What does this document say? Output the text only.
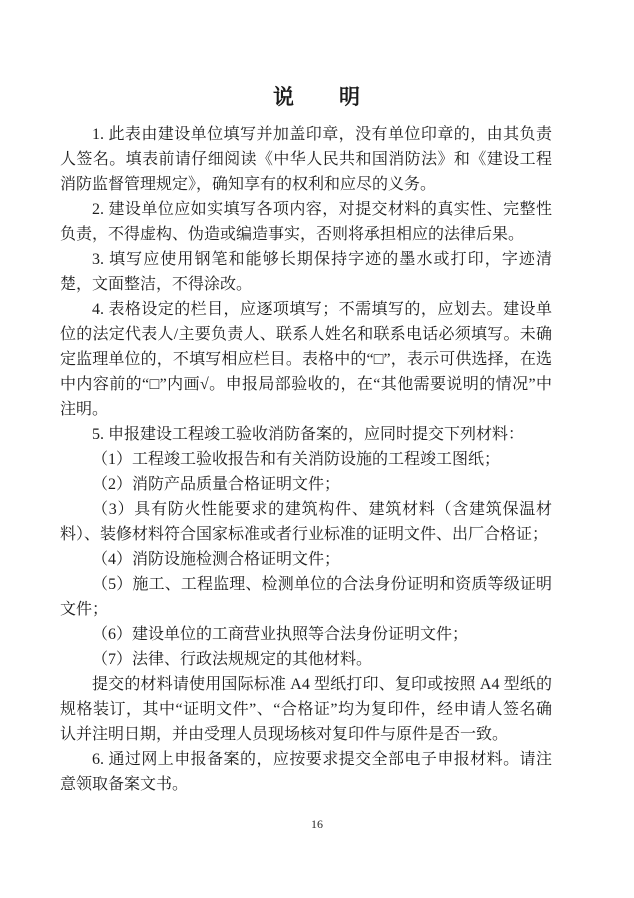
说　　明

1. 此表由建设单位填写并加盖印章，没有单位印章的，由其负责人签名。填表前请仔细阅读《中华人民共和国消防法》和《建设工程消防监督管理规定》，确知享有的权利和应尽的义务。

2. 建设单位应如实填写各项内容，对提交材料的真实性、完整性负责，不得虚构、伪造或编造事实，否则将承担相应的法律后果。

3. 填写应使用钢笔和能够长期保持字迹的墨水或打印，字迹清楚，文面整洁，不得涂改。

4. 表格设定的栏目，应逐项填写；不需填写的，应划去。建设单位的法定代表人/主要负责人、联系人姓名和联系电话必须填写。未确定监理单位的，不填写相应栏目。表格中的“□”，表示可供选择，在选中内容前的“□”内画√。申报局部验收的，在“其他需要说明的情况”中注明。

5. 申报建设工程竣工验收消防备案的，应同时提交下列材料：

（1）工程竣工验收报告和有关消防设施的工程竣工图纸；

（2）消防产品质量合格证明文件；

（3）具有防火性能要求的建筑构件、建筑材料（含建筑保温材料）、装修材料符合国家标准或者行业标准的证明文件、出厂合格证；

（4）消防设施检测合格证明文件；

（5）施工、工程监理、检测单位的合法身份证明和资质等级证明文件；

（6）建设单位的工商营业执照等合法身份证明文件；

（7）法律、行政法规规定的其他材料。

提交的材料请使用国际标准 A4 型纸打印、复印或按照 A4 型纸的规格装订，其中“证明文件”、“合格证”均为复印件，经申请人签名确认并注明日期，并由受理人员现场核对复印件与原件是否一致。

6. 通过网上申报备案的，应按要求提交全部电子申报材料。请注意领取备案文书。

16
